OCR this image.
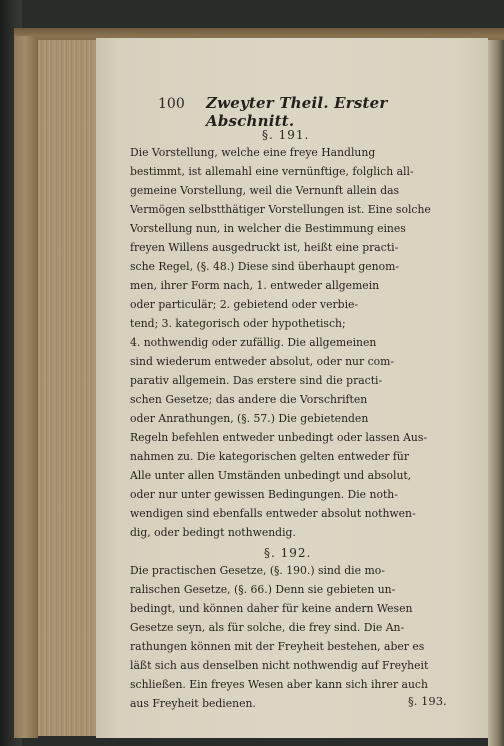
100 Zweyter Theil. Erster Abschnitt.
§. 191.
Die Vorstellung, welche eine freye Handlung
bestimmt, ist allemahl eine vernünftige, folglich all-
gemeine Vorstellung, weil die Vernunft allein das
Vermögen selbstthätiger Vorstellungen ist. Eine solche
Vorstellung nun, in welcher die Bestimmung eines
freyen Willens ausgedruckt ist, heißt eine practi-
sche Regel, (§. 48.) Diese sind überhaupt genom-
men, ihrer Form nach, 1. entweder allgemein
oder particulär; 2. gebietend oder verbie-
tend; 3. kategorisch oder hypothetisch;
4. nothwendig oder zufällig. Die allgemeinen
sind wiederum entweder absolut, oder nur com-
parativ allgemein. Das erstere sind die practi-
schen Gesetze; das andere die Vorschriften
oder Anrathungen, (§. 57.) Die gebietenden
Regeln befehlen entweder unbedingt oder lassen Aus-
nahmen zu. Die kategorischen gelten entweder für
Alle unter allen Umständen unbedingt und absolut,
oder nur unter gewissen Bedingungen. Die noth-
wendigen sind ebenfalls entweder absolut nothwen-
dig, oder bedingt nothwendig.
§. 192.
Die practischen Gesetze, (§. 190.) sind die mo-
ralischen Gesetze, (§. 66.) Denn sie gebieten un-
bedingt, und können daher für keine andern Wesen
Gesetze seyn, als für solche, die frey sind. Die An-
rathungen können mit der Freyheit bestehen, aber es
läßt sich aus denselben nicht nothwendig auf Freyheit
schließen. Ein freyes Wesen aber kann sich ihrer auch
aus Freyheit bedienen.	§. 193.
